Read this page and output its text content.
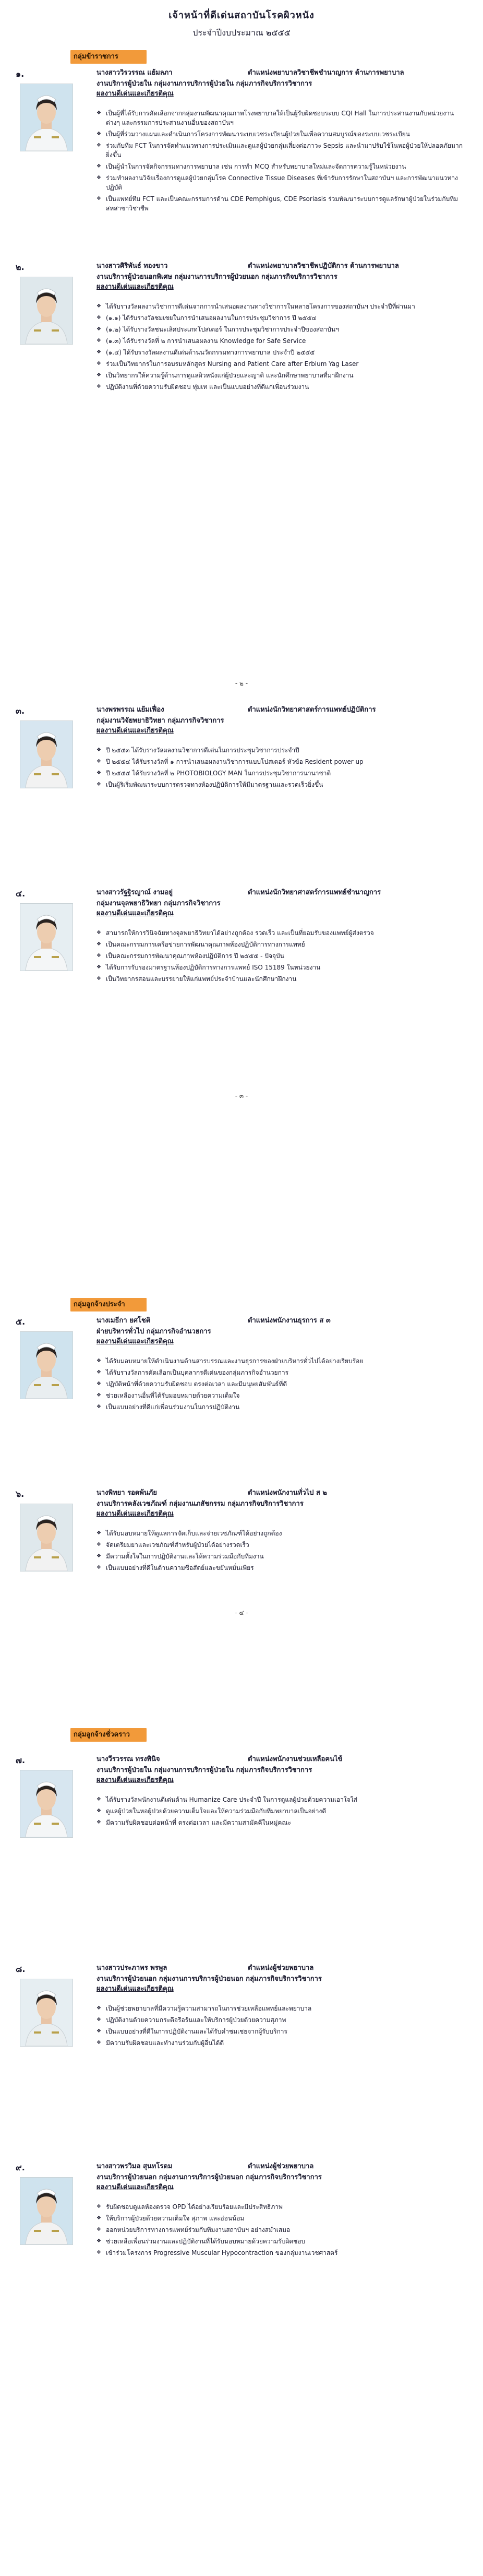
เจ้าหน้าที่ดีเด่นสถาบันโรคผิวหนัง
ประจำปีงบประมาณ ๒๕๕๕
กลุ่มข้าราชการ
กลุ่มลูกจ้างประจำ
กลุ่มลูกจ้างชั่วคราว
- ๒ -
- ๓ -
- ๔ -
๑.	นางสาววิรวรรณ แย้มลภา	ตำแหน่งพยาบาลวิชาชีพชำนาญการ ด้านการพยาบาล
งานบริการผู้ป่วยใน กลุ่มงานการบริการผู้ป่วยใน กลุ่มภารกิจบริการวิชาการ
ผลงานดีเด่นและเกียรติคุณ
❖ เป็นผู้ที่ได้รับการคัดเลือกจากกลุ่มงานพัฒนาคุณภาพโรงพยาบาลให้เป็นผู้รับผิดชอบระบบ CQI Hall ในการประสานงานกับหน่วยงานต่างๆ และกรรมการประสานงานอื่นของสถาบันฯ
❖ เป็นผู้ที่ร่วมวางแผนและดำเนินการโครงการพัฒนาระบบเวชระเบียนผู้ป่วยในเพื่อความสมบูรณ์ของระบบเวชระเบียน
❖ ร่วมกับทีม FCT ในการจัดทำแนวทางการประเมินและดูแลผู้ป่วยกลุ่มเสี่ยงต่อภาวะ Sepsis และนำมาปรับใช้ในหอผู้ป่วยให้ปลอดภัยมากยิ่งขึ้น
❖ เป็นผู้นำในการจัดกิจกรรมทางการพยาบาล เช่น การทำ MCQ สำหรับพยาบาลใหม่และจัดการความรู้ในหน่วยงาน
❖ ร่วมทำผลงานวิจัยเรื่องการดูแลผู้ป่วยกลุ่มโรค Connective Tissue Diseases ที่เข้ารับการรักษาในสถาบันฯ และการพัฒนาแนวทางปฏิบัติ
❖ เป็นแพทย์ทีม FCT และเป็นคณะกรรมการด้าน CDE Pemphigus, CDE Psoriasis ร่วมพัฒนาระบบการดูแลรักษาผู้ป่วยในร่วมกับทีมสหสาขาวิชาชีพ
๒.	นางสาวศิริพันธ์ ทองขาว	ตำแหน่งพยาบาลวิชาชีพปฏิบัติการ ด้านการพยาบาล
งานบริการผู้ป่วยนอกพิเศษ กลุ่มงานการบริการผู้ป่วยนอก กลุ่มภารกิจบริการวิชาการ
ผลงานดีเด่นและเกียรติคุณ
❖ ได้รับรางวัลผลงานวิชาการดีเด่นจากการนำเสนอผลงานทางวิชาการในหลายโครงการของสถาบันฯ ประจำปีที่ผ่านมา
❖ (๑.๑) ได้รับรางวัลชมเชยในการนำเสนอผลงานในการประชุมวิชาการ ปี ๒๕๕๔
❖ (๑.๒) ได้รับรางวัลชนะเลิศประเภทโปสเตอร์ ในการประชุมวิชาการประจำปีของสถาบันฯ
❖ (๑.๓) ได้รับรางวัลที่ ๒ การนำเสนอผลงาน Knowledge for Safe Service
❖ (๑.๔) ได้รับรางวัลผลงานดีเด่นด้านนวัตกรรมทางการพยาบาล ประจำปี ๒๕๕๕
❖ ร่วมเป็นวิทยากรในการอบรมหลักสูตร Nursing and Patient Care after Erbium Yag Laser
❖ เป็นวิทยากรให้ความรู้ด้านการดูแลผิวหนังแก่ผู้ป่วยและญาติ และนักศึกษาพยาบาลที่มาฝึกงาน
❖ ปฏิบัติงานที่ด้วยความรับผิดชอบ ทุ่มเท และเป็นแบบอย่างที่ดีแก่เพื่อนร่วมงาน
๓.	นางพรพรรณ แย้มเฟื่อง	ตำแหน่งนักวิทยาศาสตร์การแพทย์ปฏิบัติการ
กลุ่มงานวิจัยพยาธิวิทยา กลุ่มภารกิจวิชาการ
ผลงานดีเด่นและเกียรติคุณ
❖ ปี ๒๕๕๓ ได้รับรางวัลผลงานวิชาการดีเด่นในการประชุมวิชาการประจำปี
❖ ปี ๒๕๕๔ ได้รับรางวัลที่ ๑ การนำเสนอผลงานวิชาการแบบโปสเตอร์ หัวข้อ Resident power up
❖ ปี ๒๕๕๕ ได้รับรางวัลที่ ๒ PHOTOBIOLOGY MAN ในการประชุมวิชาการนานาชาติ
❖ เป็นผู้ริเริ่มพัฒนาระบบการตรวจทางห้องปฏิบัติการให้มีมาตรฐานและรวดเร็วยิ่งขึ้น
๔.	นางสาวรัฐฐิรญาณ์ งามอยู่	ตำแหน่งนักวิทยาศาสตร์การแพทย์ชำนาญการ
กลุ่มงานจุลพยาธิวิทยา กลุ่มภารกิจวิชาการ
ผลงานดีเด่นและเกียรติคุณ
❖ สามารถให้การวินิจฉัยทางจุลพยาธิวิทยาได้อย่างถูกต้อง รวดเร็ว และเป็นที่ยอมรับของแพทย์ผู้ส่งตรวจ
❖ เป็นคณะกรรมการเครือข่ายการพัฒนาคุณภาพห้องปฏิบัติการทางการแพทย์
❖ เป็นคณะกรรมการพัฒนาคุณภาพห้องปฏิบัติการ ปี ๒๕๕๕ - ปัจจุบัน
❖ ได้รับการรับรองมาตรฐานห้องปฏิบัติการทางการแพทย์ ISO 15189 ในหน่วยงาน
❖ เป็นวิทยากรสอนและบรรยายให้แก่แพทย์ประจำบ้านและนักศึกษาฝึกงาน
๕.	นางเมธีกา ยศโชติ	ตำแหน่งพนักงานธุรการ ส ๓
ฝ่ายบริหารทั่วไป กลุ่มภารกิจอำนวยการ
ผลงานดีเด่นและเกียรติคุณ
❖ ได้รับมอบหมายให้ดำเนินงานด้านสารบรรณและงานธุรการของฝ่ายบริหารทั่วไปได้อย่างเรียบร้อย
❖ ได้รับรางวัลการคัดเลือกเป็นบุคลากรดีเด่นของกลุ่มภารกิจอำนวยการ
❖ ปฏิบัติหน้าที่ด้วยความรับผิดชอบ ตรงต่อเวลา และมีมนุษยสัมพันธ์ที่ดี
❖ ช่วยเหลืองานอื่นที่ได้รับมอบหมายด้วยความเต็มใจ
❖ เป็นแบบอย่างที่ดีแก่เพื่อนร่วมงานในการปฏิบัติงาน
๖.	นางพิทยา รอดพ้นภัย	ตำแหน่งพนักงานทั่วไป ส ๒
งานบริการคลังเวชภัณฑ์ กลุ่มงานเภสัชกรรม กลุ่มภารกิจบริการวิชาการ
ผลงานดีเด่นและเกียรติคุณ
❖ ได้รับมอบหมายให้ดูแลการจัดเก็บและจ่ายเวชภัณฑ์ได้อย่างถูกต้อง
❖ จัดเตรียมยาและเวชภัณฑ์สำหรับผู้ป่วยได้อย่างรวดเร็ว
❖ มีความตั้งใจในการปฏิบัติงานและให้ความร่วมมือกับทีมงาน
❖ เป็นแบบอย่างที่ดีในด้านความซื่อสัตย์และขยันหมั่นเพียร
๗.	นางวีรวรรณ ทรงพินิจ	ตำแหน่งพนักงานช่วยเหลือคนไข้
งานบริการผู้ป่วยใน กลุ่มงานการบริการผู้ป่วยใน กลุ่มภารกิจบริการวิชาการ
ผลงานดีเด่นและเกียรติคุณ
❖ ได้รับรางวัลพนักงานดีเด่นด้าน Humanize Care ประจำปี ในการดูแลผู้ป่วยด้วยความเอาใจใส่
❖ ดูแลผู้ป่วยในหอผู้ป่วยด้วยความเต็มใจและให้ความร่วมมือกับทีมพยาบาลเป็นอย่างดี
❖ มีความรับผิดชอบต่อหน้าที่ ตรงต่อเวลา และมีความสามัคคีในหมู่คณะ
๘.	นางสาวประภาพร พรพูล	ตำแหน่งผู้ช่วยพยาบาล
งานบริการผู้ป่วยนอก กลุ่มงานการบริการผู้ป่วยนอก กลุ่มภารกิจบริการวิชาการ
ผลงานดีเด่นและเกียรติคุณ
❖ เป็นผู้ช่วยพยาบาลที่มีความรู้ความสามารถในการช่วยเหลือแพทย์และพยาบาล
❖ ปฏิบัติงานด้วยความกระตือรือร้นและให้บริการผู้ป่วยด้วยความสุภาพ
❖ เป็นแบบอย่างที่ดีในการปฏิบัติงานและได้รับคำชมเชยจากผู้รับบริการ
❖ มีความรับผิดชอบและทำงานร่วมกับผู้อื่นได้ดี
๙.	นางสาวพรวิมล สุนทโรดม	ตำแหน่งผู้ช่วยพยาบาล
งานบริการผู้ป่วยนอก กลุ่มงานการบริการผู้ป่วยนอก กลุ่มภารกิจบริการวิชาการ
ผลงานดีเด่นและเกียรติคุณ
❖ รับผิดชอบดูแลห้องตรวจ OPD ได้อย่างเรียบร้อยและมีประสิทธิภาพ
❖ ให้บริการผู้ป่วยด้วยความเต็มใจ สุภาพ และอ่อนน้อม
❖ ออกหน่วยบริการทางการแพทย์ร่วมกับทีมงานสถาบันฯ อย่างสม่ำเสมอ
❖ ช่วยเหลือเพื่อนร่วมงานและปฏิบัติงานที่ได้รับมอบหมายด้วยความรับผิดชอบ
❖ เข้าร่วมโครงการ Progressive Muscular Hypocontraction ของกลุ่มงานเวชศาสตร์
